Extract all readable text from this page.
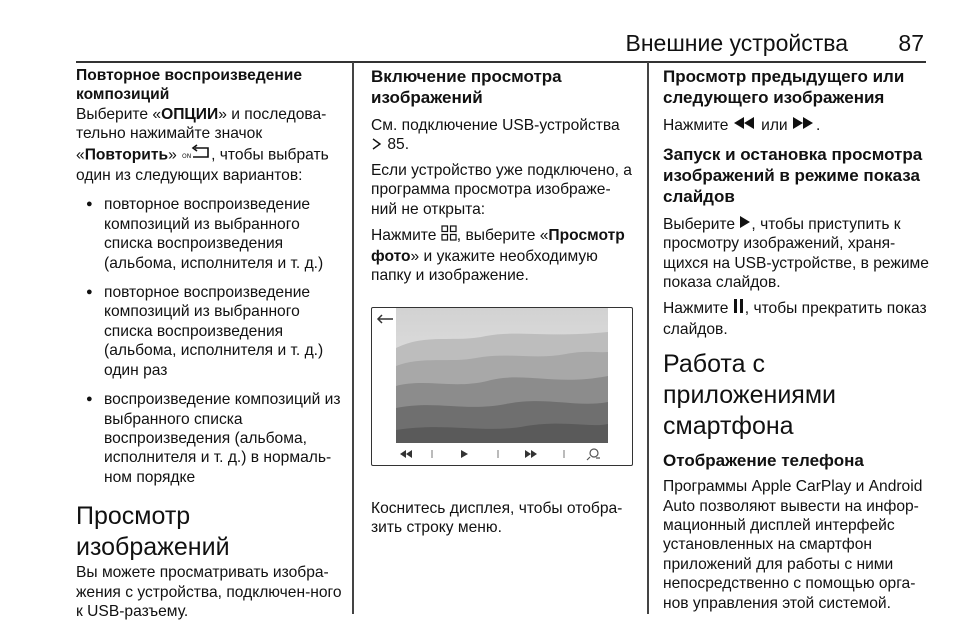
Внешние устройства 87
Повторное воспроизведение композиций

Выберите «ОПЦИИ» и последова-тельно нажимайте значок «Повторить» ON , чтобы выбрать один из следующих вариантов:

● повторное воспроизведение композиций из выбранного списка воспроизведения (альбома, исполнителя и т. д.)
● повторное воспроизведение композиций из выбранного списка воспроизведения (альбома, исполнителя и т. д.) один раз
● воспроизведение композиций из выбранного списка воспроизведения (альбома, исполнителя и т. д.) в нормаль-ном порядке
Просмотр изображений

Вы можете просматривать изобра-жения с устройства, подключен-ного к USB-разъему.

Включение просмотра изображений

См. подключение USB-устройства
85.

Если устройство уже подключено, а программа просмотра изображе-ний не открыта:

Нажмите , выберите «Просмотр фото» и укажите необходимую папку и изображение.

Коснитесь дисплея, чтобы отобра-зить строку меню.

Просмотр предыдущего или следующего изображения

Нажмите или .

Запуск и остановка просмотра изображений в режиме показа слайдов

Выберите , чтобы приступить к просмотру изображений, храня-щихся на USB-устройстве, в режиме показа слайдов.

Нажмите , чтобы прекратить показ слайдов.

Работа с приложениями смартфона
Отображение телефона

Программы Apple CarPlay и Android Auto позволяют вывести на инфор-мационный дисплей интерфейс установленных на смартфон приложений для работы с ними непосредственно с помощью орга-нов управления этой системой.
